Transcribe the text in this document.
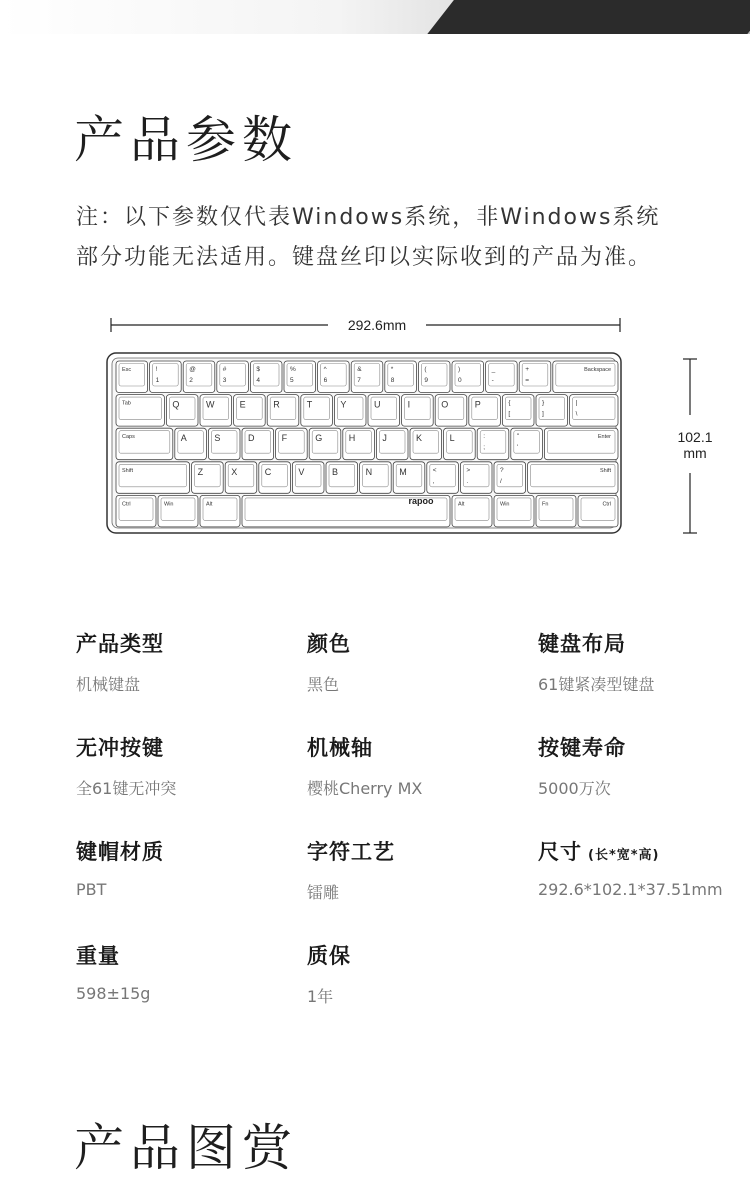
产品参数
注：以下参数仅代表Windows系统，非Windows系统
部分功能无法适用。键盘丝印以实际收到的产品为准。
292.6mm
102.1
mm
Esc	!
1
@
2
#
3
$
4
%
5
^
6
&
7
*
8
(
9
)
0
_
-
+
=
Backspace
Tab	Q	W	E	R	T	Y	U	I	O	P	{
[
}
]
|
\
Caps	A	S	D	F	G	H	J	K	L	:
;
"
'
Enter
Shift	Z	X	C	V	B	N	M	<
,
>
.
?
/
Shift
Ctrl	Win	Alt	Alt	Win	Fn	Ctrl
rapoo
产品类型
机械键盘
颜色
黑色
键盘布局
61键紧凑型键盘
无冲按键
全61键无冲突
机械轴
樱桃Cherry MX
按键寿命
5000万次
键帽材质
PBT
字符工艺
镭雕
尺寸 (长*宽*高)
292.6*102.1*37.51mm
重量
598±15g
质保
1年
产品图赏
